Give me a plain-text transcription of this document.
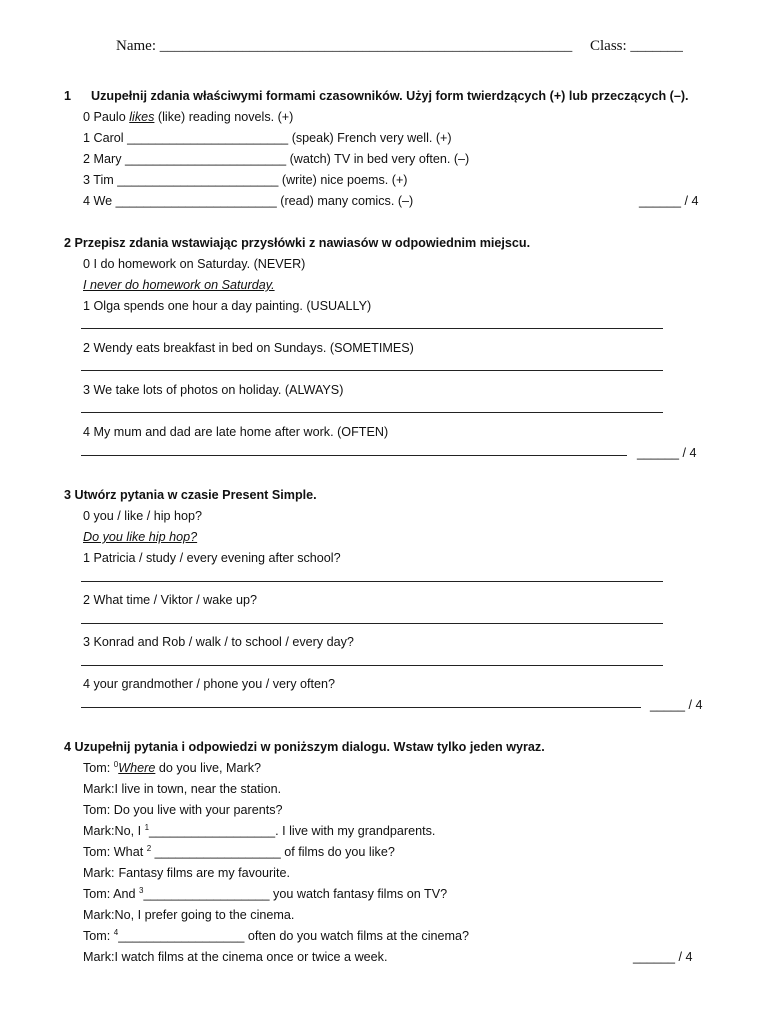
Name: _______________________________________________________ Class: _______
1 Uzupełnij zdania właściwymi formami czasowników. Użyj form twierdzących (+) lub przeczących (–).
0 Paulo likes (like) reading novels. (+)
1 Carol _______________________ (speak) French very well. (+)
2 Mary _______________________ (watch) TV in bed very often. (–)
3 Tim _______________________ (write) nice poems. (+)
4 We _______________________ (read) many comics. (–)	______ / 4
2 Przepisz zdania wstawiając przysłówki z nawiasów w odpowiednim miejscu.
0 I do homework on Saturday. (NEVER)
I never do homework on Saturday.
1 Olga spends one hour a day painting. (USUALLY)
2 Wendy eats breakfast in bed on Sundays. (SOMETIMES)
3 We take lots of photos on holiday. (ALWAYS)
4 My mum and dad are late home after work. (OFTEN)
______ / 4
3 Utwórz pytania w czasie Present Simple.
0 you / like / hip hop?
Do you like hip hop?
1 Patricia / study / every evening after school?
2 What time / Viktor / wake up?
3 Konrad and Rob / walk / to school / every day?
4 your grandmother / phone you / very often?
_____ / 4
4 Uzupełnij pytania i odpowiedzi w poniższym dialogu. Wstaw tylko jeden wyraz.
Tom: $^0$Where do you live, Mark?
Mark:I live in town, near the station.
Tom: Do you live with your parents?
Mark:No, I $^1$__________________. I live with my grandparents.
Tom: What $^2$ __________________ of films do you like?
Mark: Fantasy films are my favourite.
Tom: And $^3$__________________ you watch fantasy films on TV?
Mark:No, I prefer going to the cinema.
Tom: $^4$__________________ often do you watch films at the cinema?
Mark:I watch films at the cinema once or twice a week.	______ / 4
